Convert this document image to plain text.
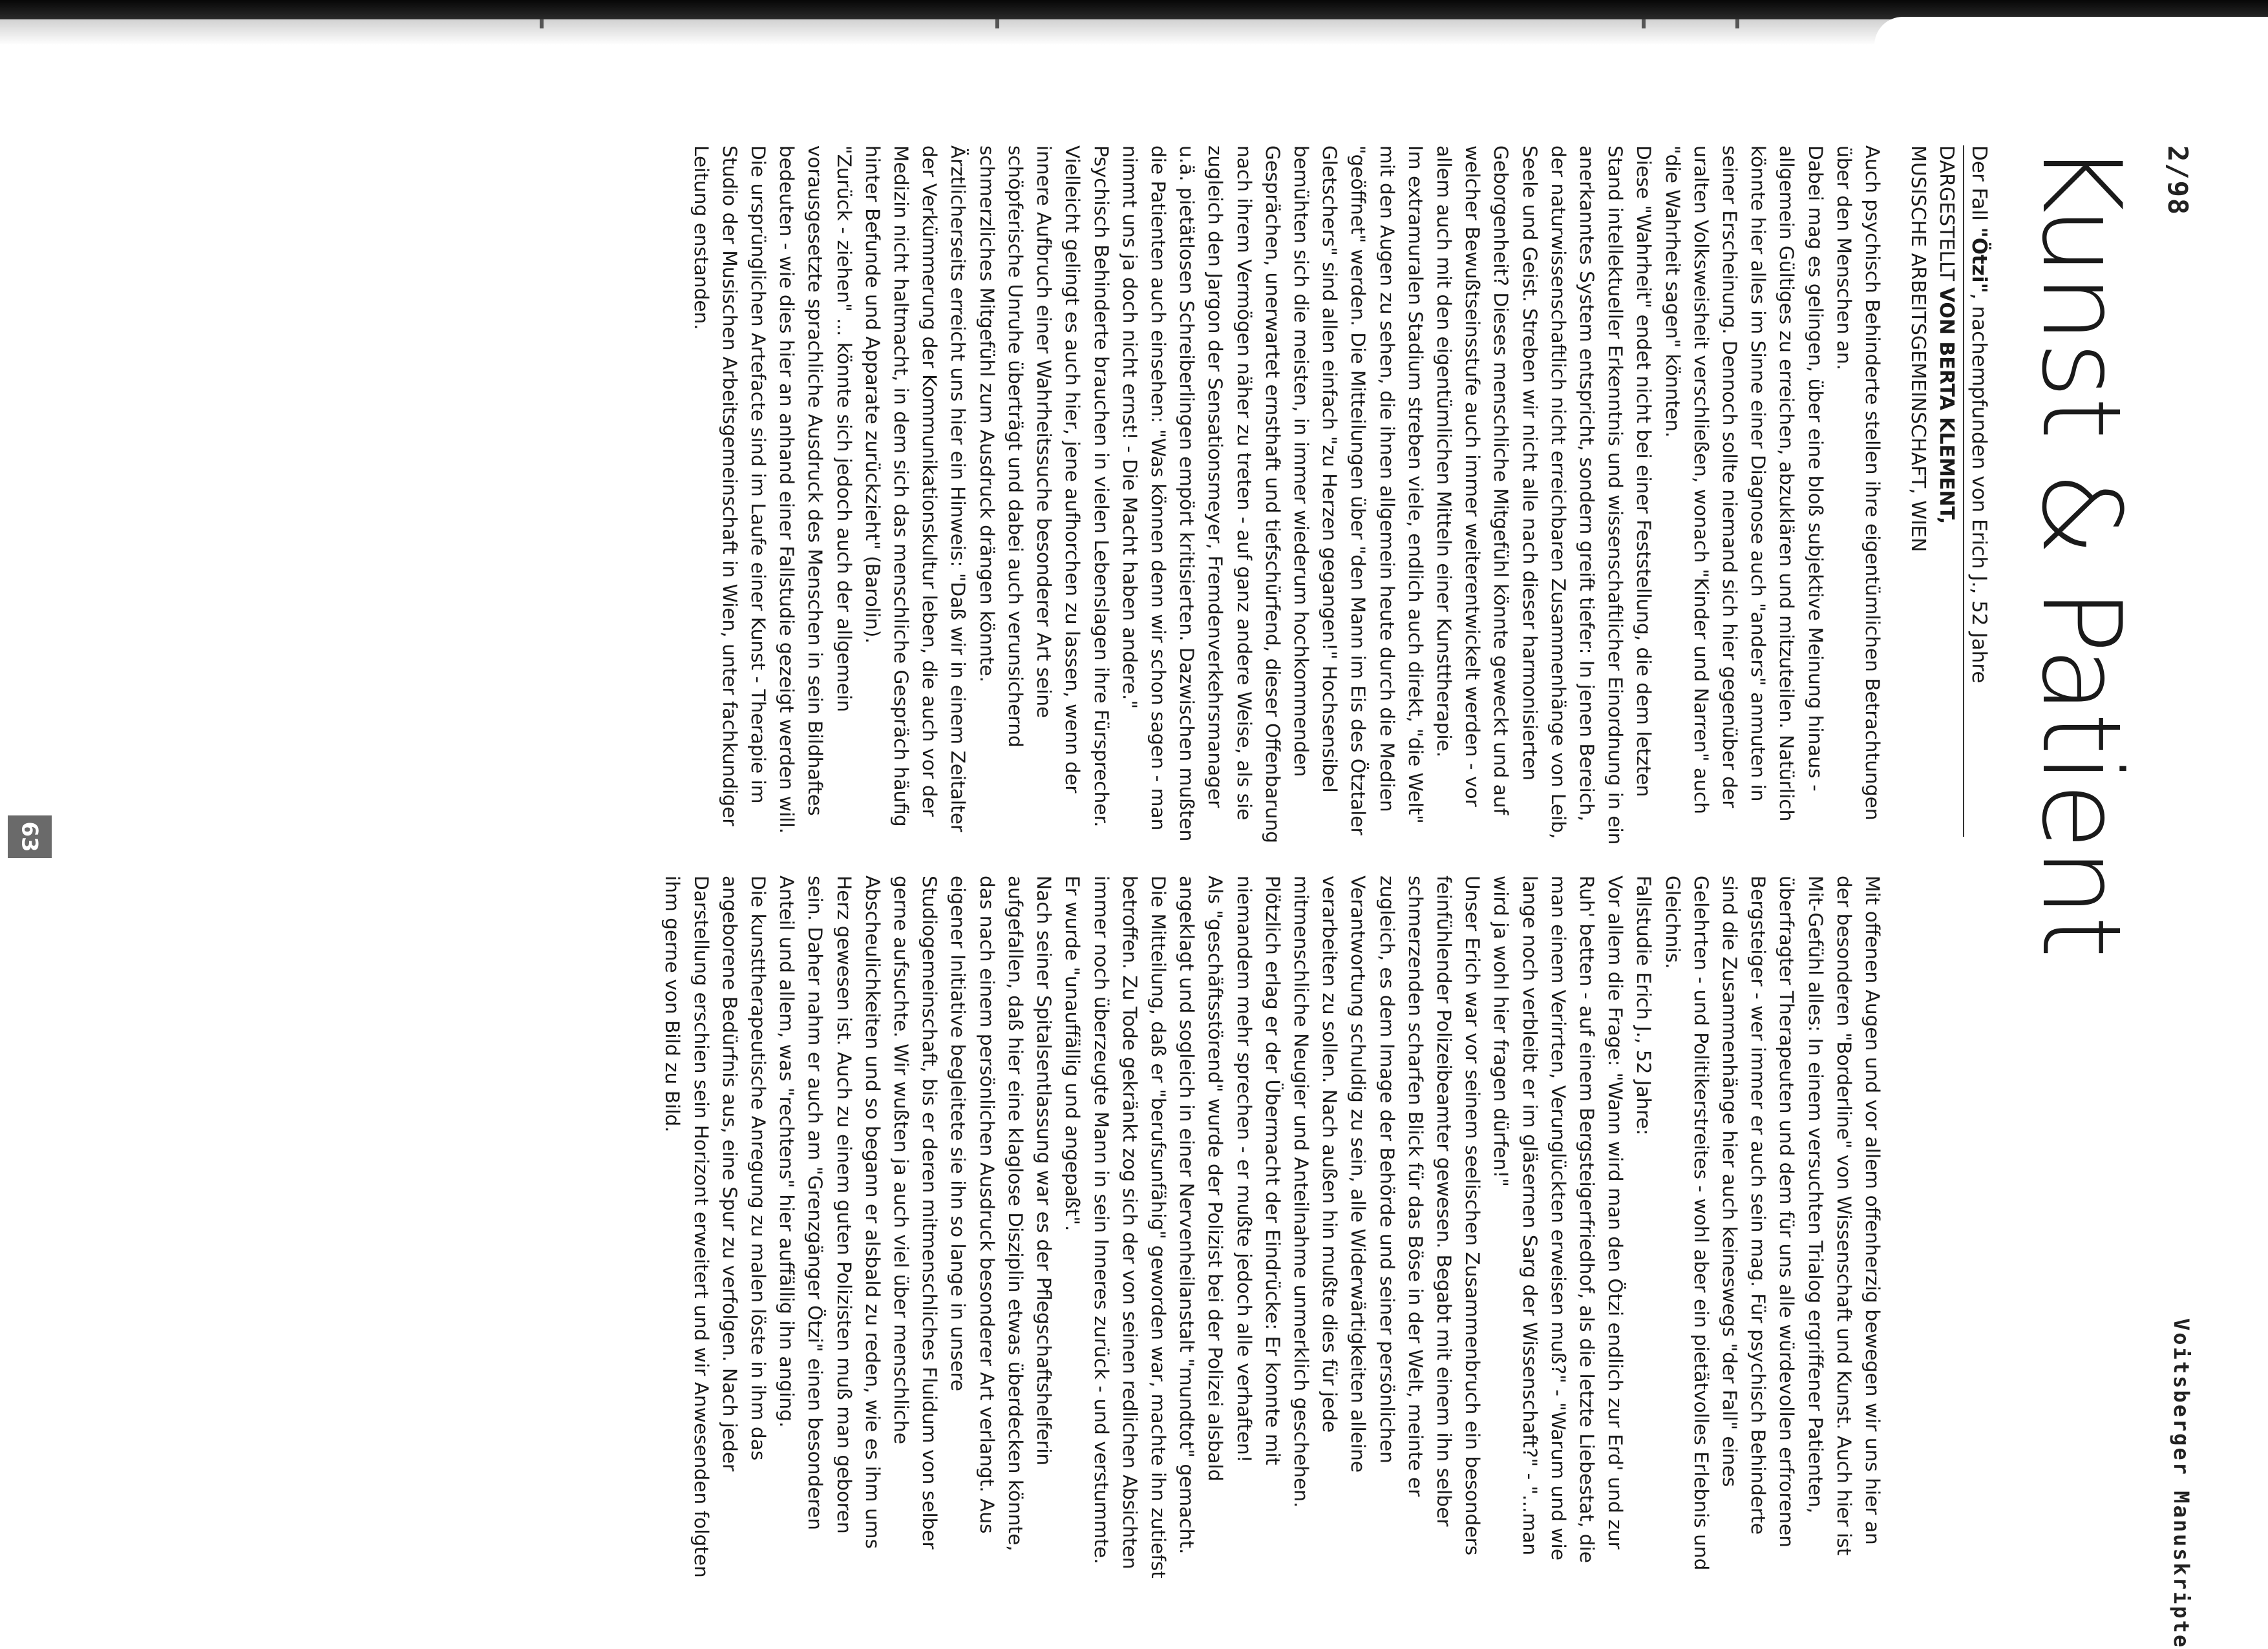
63
Voitsberger Manuskripte
2/98
Kunst & Patient
Der Fall "Ötzi", nachempfunden von Erich J., 52 Jahre
DARGESTELLT VON BERTA KLEMENT,
MUSISCHE ARBEITSGEMEINSCHAFT, WIEN

Auch psychisch Behinderte stellen ihre eigentümlichen Betrachtungen über den Menschen an.

Dabei mag es gelingen, über eine bloß subjektive Meinung hinaus - allgemein Gültiges zu erreichen, abzuklären und mitzuteilen. Natürlich könnte hier alles im Sinne einer Diagnose auch "anders" anmuten in seiner Erscheinung. Dennoch sollte niemand sich hier gegenüber der uralten Volksweisheit verschließen, wonach "Kinder und Narren" auch "die Wahrheit sagen" könnten.

Diese "Wahrheit" endet nicht bei einer Feststellung, die dem letzten Stand intellektueller Erkenntnis und wissenschaftlicher Einordnung in ein anerkanntes System entspricht, sondern greift tiefer: In jenen Bereich, der naturwissenschaftlich nicht erreichbaren Zusammenhänge von Leib, Seele und Geist. Streben wir nicht alle nach dieser harmonisierten Geborgenheit? Dieses menschliche Mitgefühl könnte geweckt und auf welcher Bewußtseinsstufe auch immer weiterentwickelt werden - vor allem auch mit den eigentümlichen Mitteln einer Kunsttherapie.

Im extramuralen Stadium streben viele, endlich auch direkt, "die Welt" mit den Augen zu sehen, die ihnen allgemein heute durch die Medien "geöffnet" werden. Die Mitteilungen über "den Mann im Eis des Ötztaler Gletschers" sind allen einfach "zu Herzen gegangen!" Hochsensibel bemühten sich die meisten, in immer wiederum hochkommenden Gesprächen, unerwartet ernsthaft und tiefschürfend, dieser Offenbarung nach ihrem Vermögen näher zu treten - auf ganz andere Weise, als sie zugleich den Jargon der Sensationsmeyer, Fremdenverkehrsmanager u.ä. pietätlosen Schreiberlingen empört kritisierten. Dazwischen mußten die Patienten auch einsehen: "Was können denn wir schon sagen - man nimmt uns ja doch nicht ernst! - Die Macht haben andere."

Psychisch Behinderte brauchen in vielen Lebenslagen ihre Fürsprecher. Vielleicht gelingt es auch hier, jene aufhorchen zu lassen, wenn der innere Aufbruch einer Wahrheitssuche besonderer Art seine schöpferische Unruhe überträgt und dabei auch verunsichernd schmerzliches Mitgefühl zum Ausdruck drängen könnte.

Ärztlicherseits erreicht uns hier ein Hinweis: "Daß wir in einem Zeitalter der Verkümmerung der Kommunikationskultur leben, die auch vor der Medizin nicht haltmacht, in dem sich das menschliche Gespräch häufig hinter Befunde und Apparate zurückzieht" (Barolin).

"Zurück - ziehen" ... könnte sich jedoch auch der allgemein vorausgesetzte sprachliche Ausdruck des Menschen in sein Bildhaftes bedeuten - wie dies hier an anhand einer Fallstudie gezeigt werden will. Die ursprünglichen Artefacte sind im Laufe einer Kunst - Therapie im Studio der Musischen Arbeitsgemeinschaft in Wien, unter fachkundiger Leitung enstanden.

Mit offenen Augen und vor allem offenherzig bewegen wir uns hier an der besonderen "Borderline" von Wissenschaft und Kunst. Auch hier ist Mit-Gefühl alles: In einem versuchten Trialog ergriffener Patienten, überfragter Therapeuten und dem für uns alle würdevollen erfrorenen Bergsteiger - wer immer er auch sein mag. Für psychisch Behinderte sind die Zusammenhänge hier auch keineswegs "der Fall" eines Gelehrten - und Politikerstreites - wohl aber ein pietätvolles Erlebnis und Gleichnis.

Fallstudie Erich J., 52 Jahre:

Vor allem die Frage: "Wann wird man den Ötzi endlich zur Erd' und zur Ruh' betten - auf einem Bergsteigerfriedhof, als die letzte Liebestat, die man einem Verirrten, Verunglückten erweisen muß?" - "Warum und wie lange noch verbleibt er im gläsernen Sarg der Wissenschaft?" - "...man wird ja wohl hier fragen dürfen!"

Unser Erich war vor seinem seelischen Zusammenbruch ein besonders feinfühlender Polizeibeamter gewesen. Begabt mit einem ihn selber schmerzenden scharfen Blick für das Böse in der Welt, meinte er zugleich, es dem Image der Behörde und seiner persönlichen Verantwortung schuldig zu sein, alle Widerwärtigkeiten alleine verarbeiten zu sollen. Nach außen hin mußte dies für jede mitmenschliche Neugier und Anteilnahme unmerklich geschehen. Plötzlich erlag er der Übermacht der Eindrücke: Er konnte mit niemandem mehr sprechen - er mußte jedoch alle verhaften!

Als "geschäftsstörend" wurde der Polizist bei der Polizei alsbald angeklagt und sogleich in einer Nervenheilanstalt "mundtot" gemacht. Die Mitteilung, daß er "berufsunfähig" geworden war, machte ihn zutiefst betroffen. Zu Tode gekränkt zog sich der von seinen redlichen Absichten immer noch überzeugte Mann in sein Inneres zurück - und verstummte. Er wurde "unauffällig und angepaßt".

Nach seiner Spitalsentlassung war es der Pflegschaftshelferin aufgefallen, daß hier eine klaglose Disziplin etwas überdecken könnte, das nach einem persönlichen Ausdruck besonderer Art verlangt. Aus eigener Initiative begleitete sie ihn so lange in unsere Studiogemeinschaft, bis er deren mitmenschliches Fluidum von selber gerne aufsuchte. Wir wußten ja auch viel über menschliche Abscheulichkeiten und so begann er alsbald zu reden, wie es ihm ums Herz gewesen ist. Auch zu einem guten Polizisten muß man geboren sein. Daher nahm er auch am "Grenzgänger Ötzi" einen besonderen Anteil und allem, was "rechtens" hier auffällig ihn anging.

Die kunsttherapeutische Anregung zu malen löste in ihm das angeborene Bedürfnis aus, eine Spur zu verfolgen. Nach jeder Darstellung erschien sein Horizont erweitert und wir Anwesenden folgten ihm gerne von Bild zu Bild.
